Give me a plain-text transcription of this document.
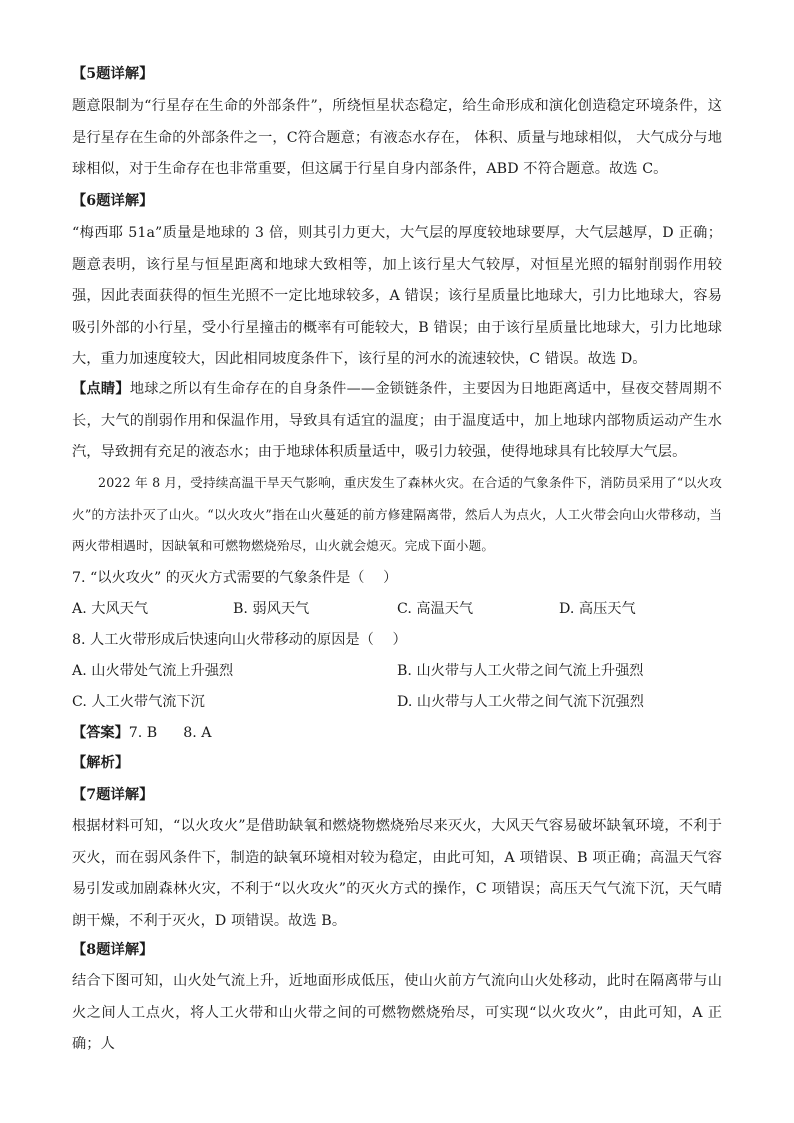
【5题详解】
题意限制为“行星存在生命的外部条件”，所绕恒星状态稳定，给生命形成和演化创造稳定环境条件，这是行星存在生命的外部条件之一，C符合题意；有液态水存在， 体积、质量与地球相似， 大气成分与地球相似，对于生命存在也非常重要，但这属于行星自身内部条件，ABD 不符合题意。故选 C。
【6题详解】
“梅西耶 51a”质量是地球的 3 倍，则其引力更大，大气层的厚度较地球要厚，大气层越厚，D 正确；题意表明，该行星与恒星距离和地球大致相等，加上该行星大气较厚，对恒星光照的辐射削弱作用较强，因此表面获得的恒生光照不一定比地球较多，A 错误；该行星质量比地球大，引力比地球大，容易吸引外部的小行星，受小行星撞击的概率有可能较大，B 错误；由于该行星质量比地球大，引力比地球大，重力加速度较大，因此相同坡度条件下，该行星的河水的流速较快，C 错误。故选 D。
【点睛】地球之所以有生命存在的自身条件——金锁链条件，主要因为日地距离适中，昼夜交替周期不长，大气的削弱作用和保温作用，导致具有适宜的温度；由于温度适中，加上地球内部物质运动产生水汽，导致拥有充足的液态水；由于地球体积质量适中，吸引力较强，使得地球具有比较厚大气层。
2022 年 8 月，受持续高温干旱天气影响，重庆发生了森林火灾。在合适的气象条件下，消防员采用了“以火攻火”的方法扑灭了山火。“以火攻火”指在山火蔓延的前方修建隔离带，然后人为点火，人工火带会向山火带移动，当两火带相遇时，因缺氧和可燃物燃烧殆尽，山火就会熄灭。完成下面小题。
7. “以火攻火” 的灭火方式需要的气象条件是（　 ）
A. 大风天气	B. 弱风天气	C. 高温天气	D. 高压天气
8. 人工火带形成后快速向山火带移动的原因是（　 ）
A. 山火带处气流上升强烈	B. 山火带与人工火带之间气流上升强烈
C. 人工火带气流下沉	D. 山火带与人工火带之间气流下沉强烈
【答案】7. B 8. A
【解析】
【7题详解】
根据材料可知，“以火攻火”是借助缺氧和燃烧物燃烧殆尽来灭火，大风天气容易破坏缺氧环境，不利于灭火，而在弱风条件下，制造的缺氧环境相对较为稳定，由此可知，A 项错误、B 项正确；高温天气容易引发或加剧森林火灾，不利于“以火攻火”的灭火方式的操作，C 项错误；高压天气气流下沉，天气晴朗干燥，不利于灭火，D 项错误。故选 B。
【8题详解】
结合下图可知，山火处气流上升，近地面形成低压，使山火前方气流向山火处移动，此时在隔离带与山火之间人工点火，将人工火带和山火带之间的可燃物燃烧殆尽，可实现“以火攻火”，由此可知，A 正确；人
